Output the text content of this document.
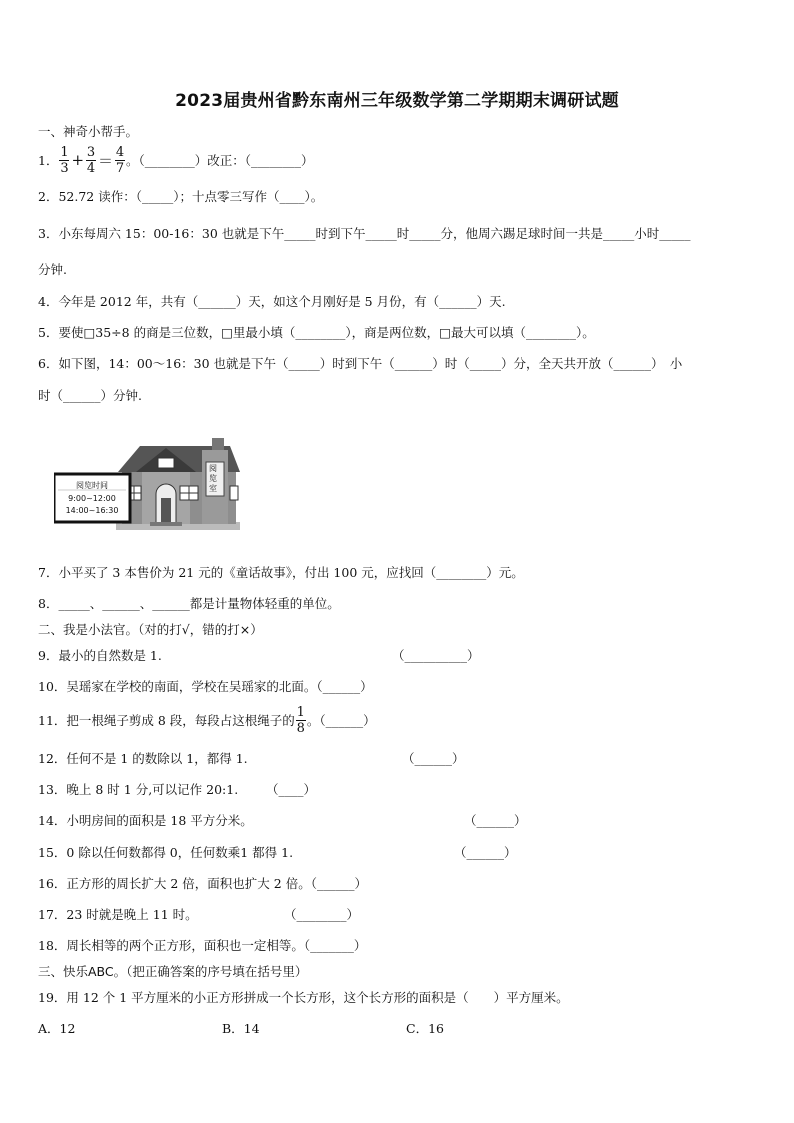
2023届贵州省黔东南州三年级数学第二学期期末调研试题
一、神奇小帮手。
1． $\frac{1}{3} + \frac{3}{4} = \frac{4}{7}$ 。（________）改正：（________）
2．52.72 读作：（_____）；十点零三写作（____）。
3．小东每周六 15：00-16：30 也就是下午_____时到下午_____时_____分，他周六踢足球时间一共是_____小时_____
分钟.
4．今年是 2012 年，共有（______）天，如这个月刚好是 5 月份，有（______）天.
5．要使□35÷8 的商是三位数，□里最小填（________），商是两位数，□最大可以填（________）。
6．如下图，14：00～16：30 也就是下午（_____）时到下午（______）时（_____）分，全天共开放（______）　小
时（______）分钟.
阅览时间
9:00~12:00
14:00~16:30
阅览室
7．小平买了 3 本售价为 21 元的《童话故事》，付出 100 元，应找回（________）元。
8．_____、______、______都是计量物体轻重的单位。
二、我是小法官。（对的打√，错的打×）
9．最小的自然数是 1.	（__________）
10．吴瑶家在学校的南面，学校在吴瑶家的北面。（______）
11．把一根绳子剪成 8 段，每段占这根绳子的 $\frac{1}{8}$ 。（______）
12．任何不是 1 的数除以 1，都得 1.	（______）
13．晚上 8 时 1 分,可以记作 20:1. （____）
14．小明房间的面积是 18 平方分米。	（______）
15．0 除以任何数都得 0，任何数乘1 都得 1.	（______）
16．正方形的周长扩大 2 倍，面积也扩大 2 倍。（______）
17．23 时就是晚上 11 时。	（________）
18．周长相等的两个正方形，面积也一定相等。（_______）
三、快乐ABC。（把正确答案的序号填在括号里）
19．用 12 个 1 平方厘米的小正方形拼成一个长方形，这个长方形的面积是（　　）平方厘米。
A．12	B．14	C．16
